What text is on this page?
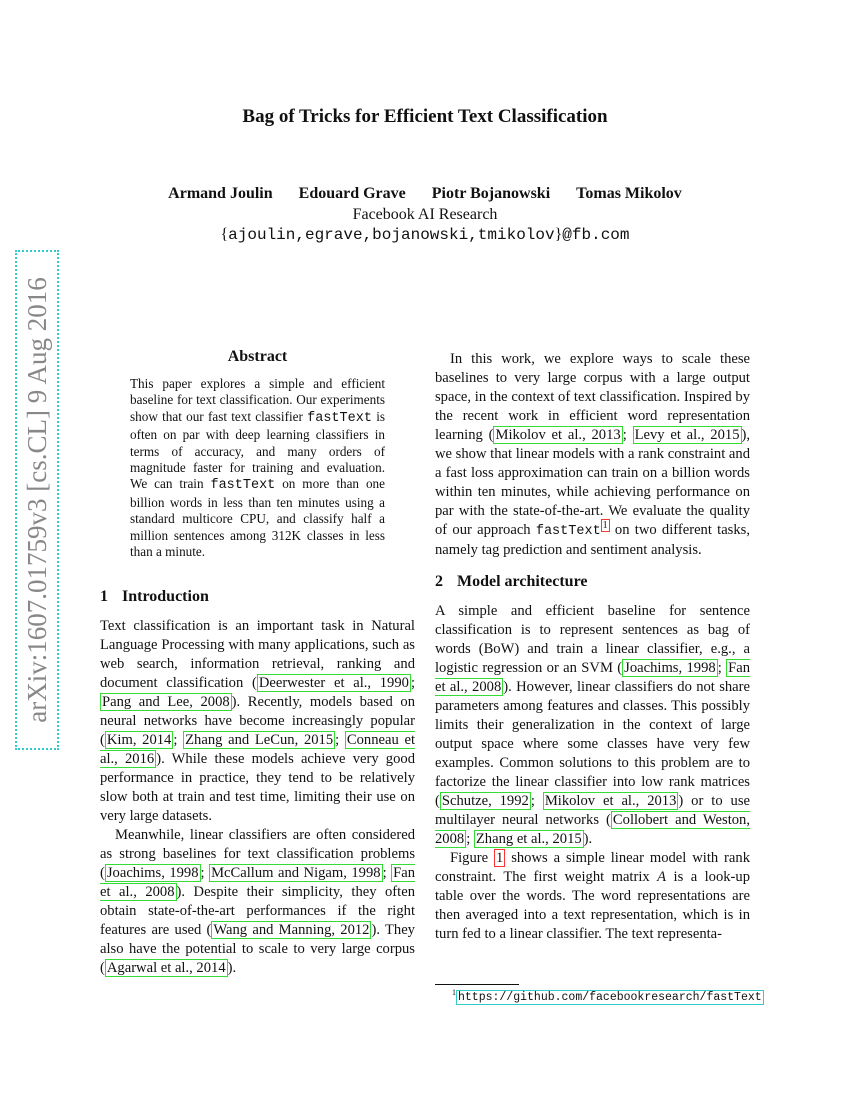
Bag of Tricks for Efficient Text Classification
Armand Joulin Edouard Grave Piotr Bojanowski Tomas Mikolov
Facebook AI Research
{ajoulin,egrave,bojanowski,tmikolov}@fb.com
arXiv:1607.01759v3 [cs.CL] 9 Aug 2016	Abstract
This paper explores a simple and efficient baseline for text classification. Our experiments show that our fast text classifier fastText is often on par with deep learning classifiers in terms of accuracy, and many orders of magnitude faster for training and evaluation. We can train fastText on more than one billion words in less than ten minutes using a standard multicore CPU, and classify half a million sentences among 312K classes in less than a minute.
1 Introduction

Text classification is an important task in Natural Language Processing with many applications, such as web search, information retrieval, ranking and document classification ( Deerwester et al., 1990 ; Pang and Lee, 2008 ). Recently, models based on neural networks have become increasingly popular ( Kim, 2014 ; Zhang and LeCun, 2015 ; Conneau et al., 2016 ). While these models achieve very good performance in practice, they tend to be relatively slow both at train and test time, limiting their use on very large datasets.

Meanwhile, linear classifiers are often considered as strong baselines for text classification problems ( Joachims, 1998 ; McCallum and Nigam, 1998 ; Fan et al., 2008 ). Despite their simplicity, they often obtain state-of-the-art performances if the right features are used ( Wang and Manning, 2012 ). They also have the potential to scale to very large corpus ( Agarwal et al., 2014 ).

In this work, we explore ways to scale these baselines to very large corpus with a large output space, in the context of text classification. Inspired by the recent work in efficient word representation learning ( Mikolov et al., 2013 ; Levy et al., 2015 ), we show that linear models with a rank constraint and a fast loss approximation can train on a billion words within ten minutes, while achieving performance on par with the state-of-the-art. We evaluate the quality of our approach fastText $^1$ on two different tasks, namely tag prediction and sentiment analysis.

2 Model architecture

A simple and efficient baseline for sentence classification is to represent sentences as bag of words (BoW) and train a linear classifier, e.g., a logistic regression or an SVM ( Joachims, 1998 ; Fan et al., 2008 ). However, linear classifiers do not share parameters among features and classes. This possibly limits their generalization in the context of large output space where some classes have very few examples. Common solutions to this problem are to factorize the linear classifier into low rank matrices ( Schutze, 1992 ; Mikolov et al., 2013 ) or to use multilayer neural networks ( Collobert and Weston, 2008 ; Zhang et al., 2015 ).

Figure 1 shows a simple linear model with rank constraint. The first weight matrix A is a look-up table over the words. The word representations are then averaged into a text representation, which is in turn fed to a linear classifier. The text representa-

$^1$ https://github.com/facebookresearch/fastText
